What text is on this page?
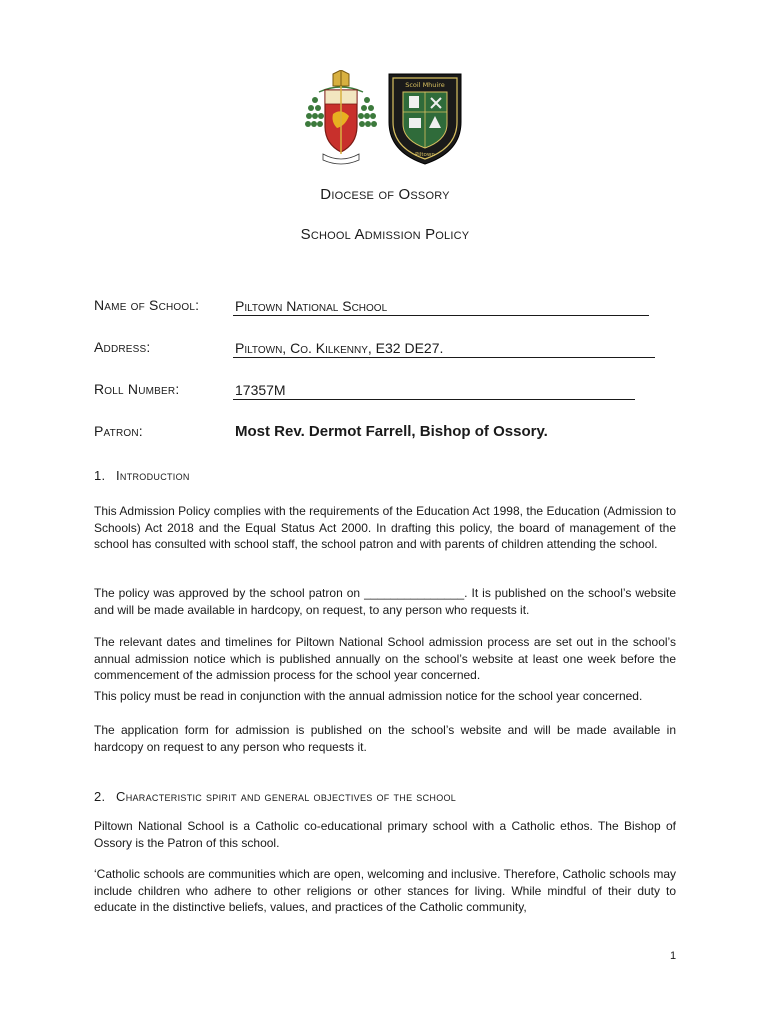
Scoil Mhuire
Piltown
Diocese of Ossory
School Admission Policy
Name of School:	Piltown National School
Address:	Piltown, Co. Kilkenny, E32 DE27.
Roll Number:	17357M
Patron:	Most Rev. Dermot Farrell, Bishop of Ossory.
1. Introduction

This Admission Policy complies with the requirements of the Education Act 1998, the Education (Admission to Schools) Act 2018 and the Equal Status Act 2000. In drafting this policy, the board of management of the school has consulted with school staff, the school patron and with parents of children attending the school.

The policy was approved by the school patron on _______________. It is published on the school’s website and will be made available in hardcopy, on request, to any person who requests it.

The relevant dates and timelines for Piltown National School admission process are set out in the school’s annual admission notice which is published annually on the school’s website at least one week before the commencement of the admission process for the school year concerned.

This policy must be read in conjunction with the annual admission notice for the school year concerned.

The application form for admission is published on the school’s website and will be made available in hardcopy on request to any person who requests it.

2. Characteristic spirit and general objectives of the school

Piltown National School is a Catholic co-educational primary school with a Catholic ethos. The Bishop of Ossory is the Patron of this school.

‘Catholic schools are communities which are open, welcoming and inclusive. Therefore, Catholic schools may include children who adhere to other religions or other stances for living. While mindful of their duty to educate in the distinctive beliefs, values, and practices of the Catholic community,

1
